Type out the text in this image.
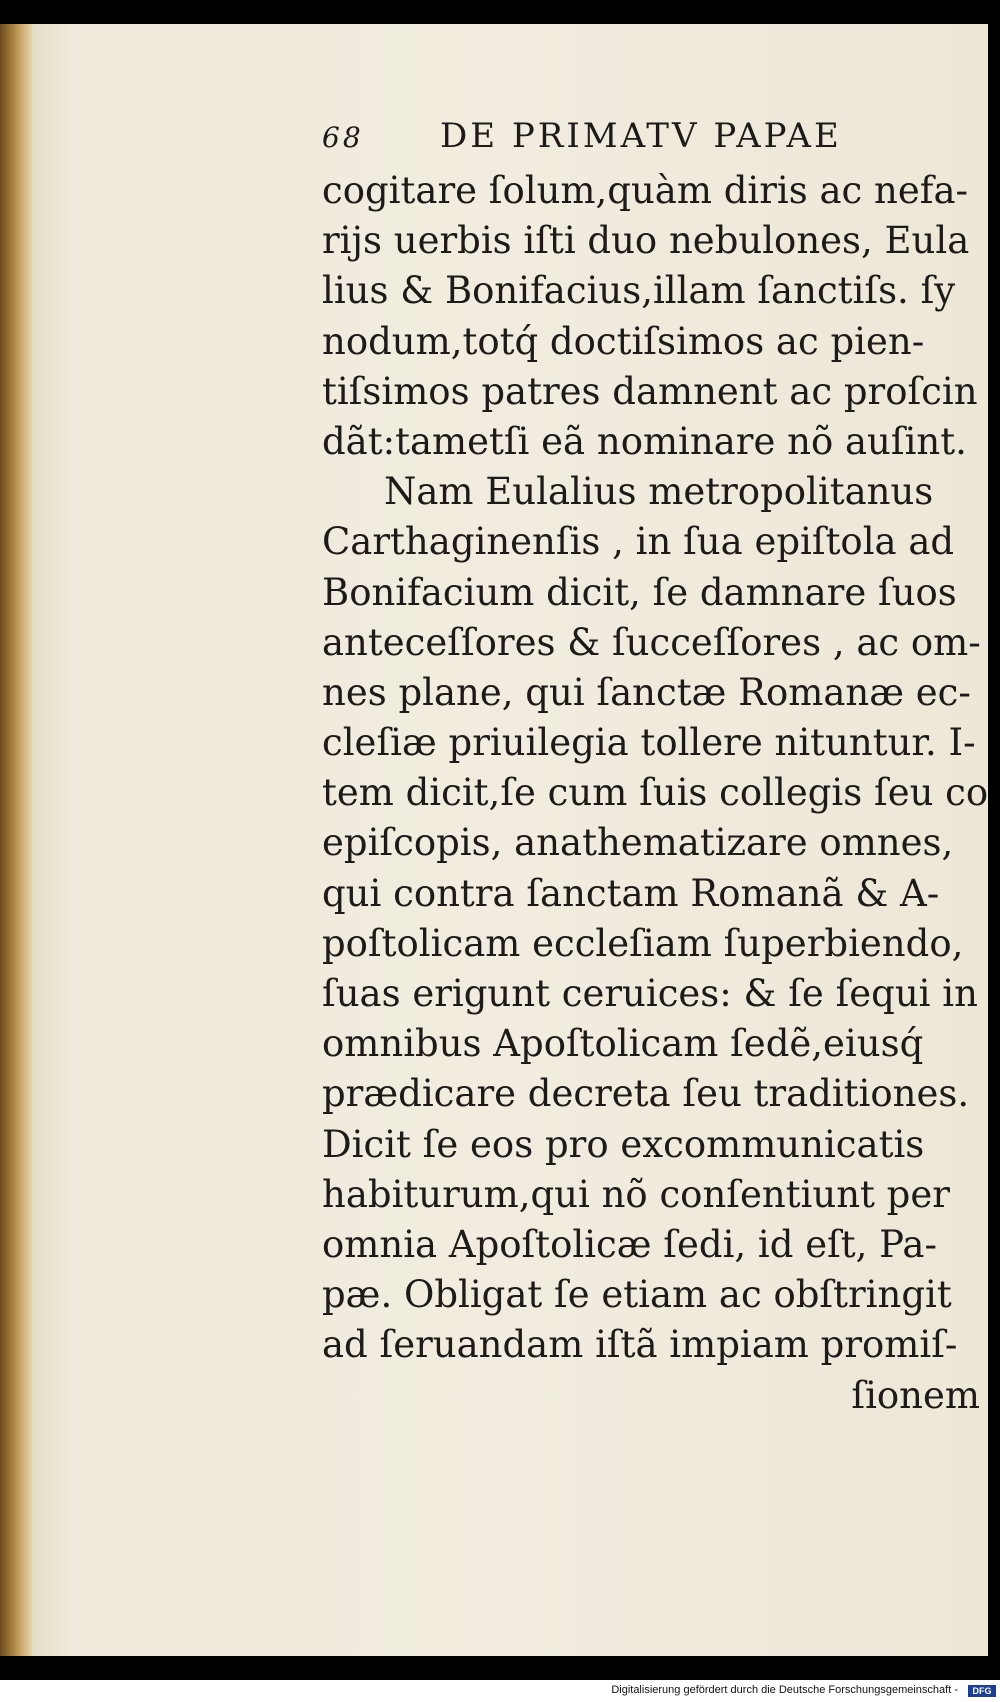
68	DE PRIMATV PAPAE
cogitare ſolum,quàm diris ac nefa-
rijs uerbis iſti duo nebulones, Eula
lius & Bonifacius,illam ſanctiſs. ſy
nodum,totq́ doctiſsimos ac pien-
tiſsimos patres damnent ac proſcin
dãt:tametſi eã nominare nõ auſint.
Nam Eulalius metropolitanus
Carthaginenſis , in ſua epiſtola ad
Bonifacium dicit, ſe damnare ſuos
anteceſſores & ſucceſſores , ac om-
nes plane, qui ſanctæ Romanæ ec-
cleſiæ priuilegia tollere nituntur. I-
tem dicit,ſe cum ſuis collegis ſeu co
epiſcopis, anathematizare omnes,
qui contra ſanctam Romanã & A-
poſtolicam eccleſiam ſuperbiendo,
ſuas erigunt ceruices: & ſe ſequi in
omnibus Apoſtolicam ſedẽ,eiusq́
prædicare decreta ſeu traditiones.
Dicit ſe eos pro excommunicatis
habiturum,qui nõ conſentiunt per
omnia Apoſtolicæ ſedi, id eſt, Pa-
pæ. Obligat ſe etiam ac obſtringit
ad ſeruandam iſtã impiam promiſ-
ſionem
Digitalisierung gefördert durch die Deutsche Forschungsgemeinschaft -	DFG
